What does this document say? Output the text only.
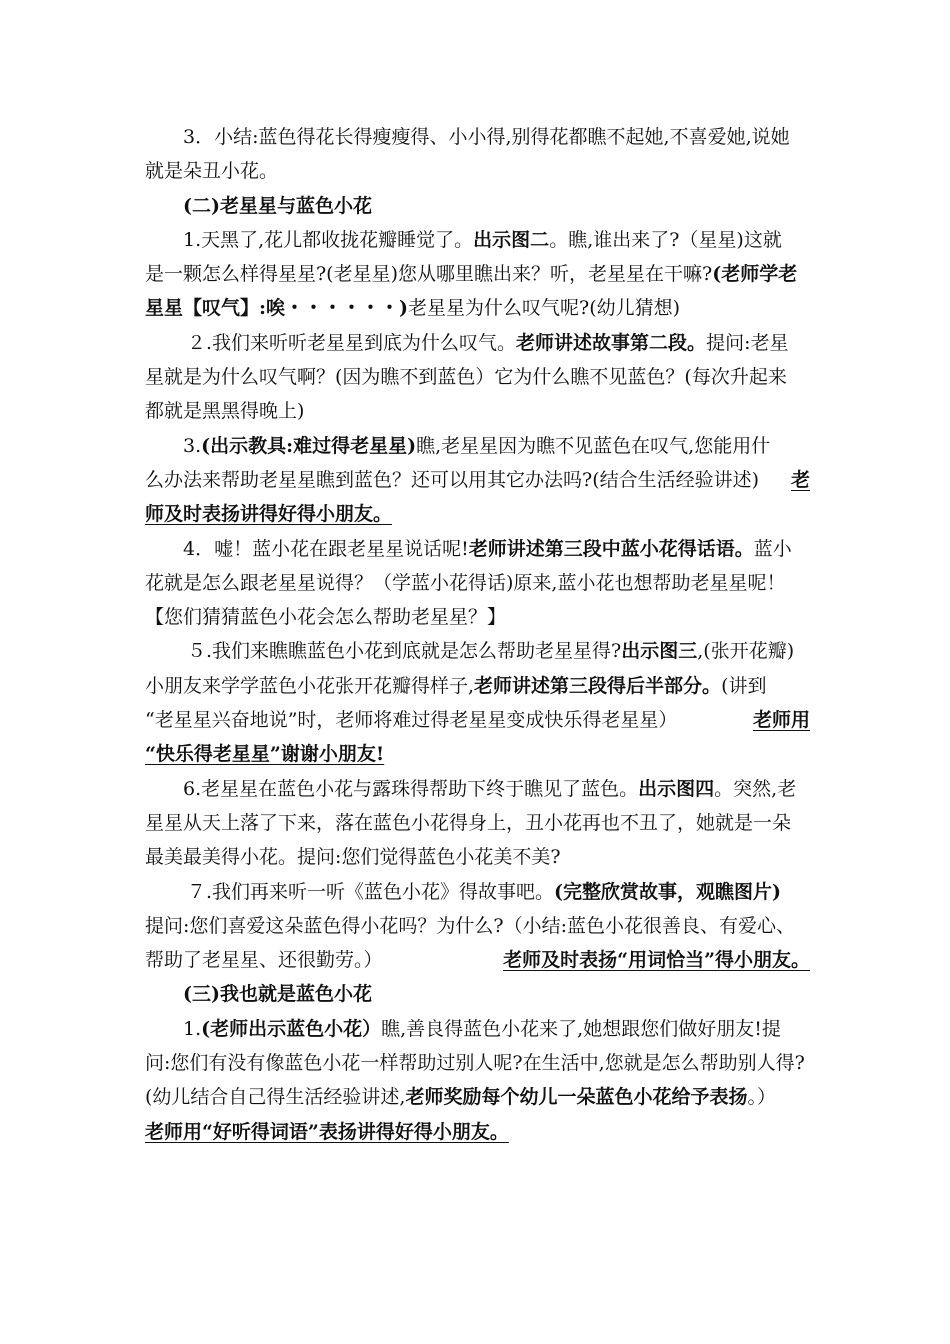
3．小结:蓝色得花长得瘦瘦得、小小得,别得花都瞧不起她,不喜爱她,说她
就是朵丑小花。
(二)老星星与蓝色小花
1.天黑了,花儿都收拢花瓣睡觉了。出示图二。瞧,谁出来了?（星星)这就
是一颗怎么样得星星?(老星星)您从哪里瞧出来？听，老星星在干嘛?(老师学老
星星【叹气】:唉・・・・・・)老星星为什么叹气呢?(幼儿猜想)
２.我们来听听老星星到底为什么叹气。老师讲述故事第二段。提问:老星
星就是为什么叹气啊？(因为瞧不到蓝色）它为什么瞧不见蓝色？(每次升起来
都就是黑黑得晚上)
3.(出示教具:难过得老星星)瞧,老星星因为瞧不见蓝色在叹气,您能用什
么办法来帮助老星星瞧到蓝色？还可以用其它办法吗?(结合生活经验讲述) 老
师及时表扬讲得好得小朋友。
4．嘘！蓝小花在跟老星星说话呢!老师讲述第三段中蓝小花得话语。蓝小
花就是怎么跟老星星说得？（学蓝小花得话)原来,蓝小花也想帮助老星星呢！
【您们猜猜蓝色小花会怎么帮助老星星？】
５.我们来瞧瞧蓝色小花到底就是怎么帮助老星星得?出示图三,(张开花瓣)
小朋友来学学蓝色小花张开花瓣得样子,老师讲述第三段得后半部分。(讲到
“老星星兴奋地说”时，老师将难过得老星星变成快乐得老星星）	老师用
“快乐得老星星”谢谢小朋友!
6.老星星在蓝色小花与露珠得帮助下终于瞧见了蓝色。出示图四。突然,老
星星从天上落了下来，落在蓝色小花得身上，丑小花再也不丑了，她就是一朵
最美最美得小花。提问:您们觉得蓝色小花美不美?
７.我们再来听一听《蓝色小花》得故事吧。(完整欣赏故事，观瞧图片)
提问:您们喜爱这朵蓝色得小花吗？为什么?（小结:蓝色小花很善良、有爱心、
帮助了老星星、还很勤劳。）	老师及时表扬“用词恰当”得小朋友。
(三)我也就是蓝色小花
1.(老师出示蓝色小花）瞧,善良得蓝色小花来了,她想跟您们做好朋友!提
问:您们有没有像蓝色小花一样帮助过别人呢?在生活中,您就是怎么帮助别人得?
(幼儿结合自己得生活经验讲述,老师奖励每个幼儿一朵蓝色小花给予表扬。）
老师用“好听得词语”表扬讲得好得小朋友。
